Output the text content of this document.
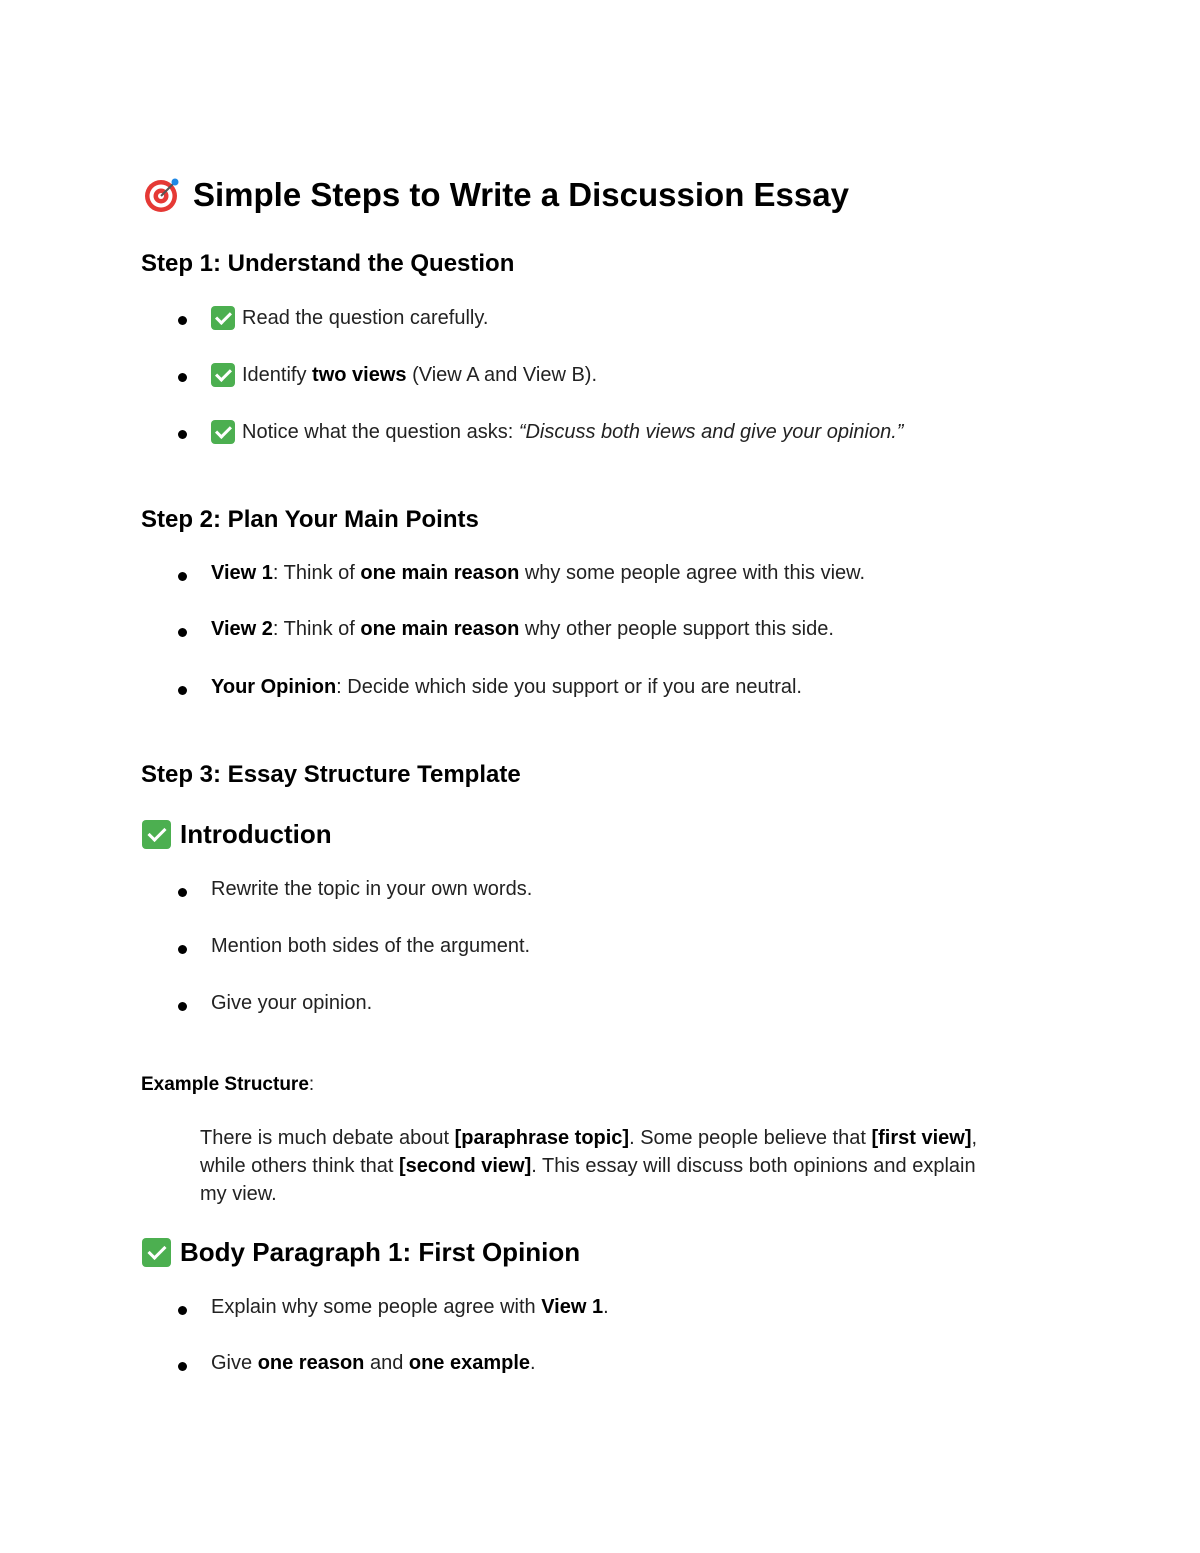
Simple Steps to Write a Discussion Essay
Step 1: Understand the Question
Read the question carefully.
Identify two views (View A and View B).
Notice what the question asks: “Discuss both views and give your opinion.”
Step 2: Plan Your Main Points
View 1 : Think of one main reason why some people agree with this view.
View 2 : Think of one main reason why other people support this side.
Your Opinion : Decide which side you support or if you are neutral.
Step 3: Essay Structure Template
Introduction
Rewrite the topic in your own words.
Mention both sides of the argument.
Give your opinion.
Example Structure :
There is much debate about [paraphrase topic]. Some people believe that [first view], while others think that [second view]. This essay will discuss both opinions and explain my view.
Body Paragraph 1: First Opinion
Explain why some people agree with View 1 .
Give one reason and one example .
